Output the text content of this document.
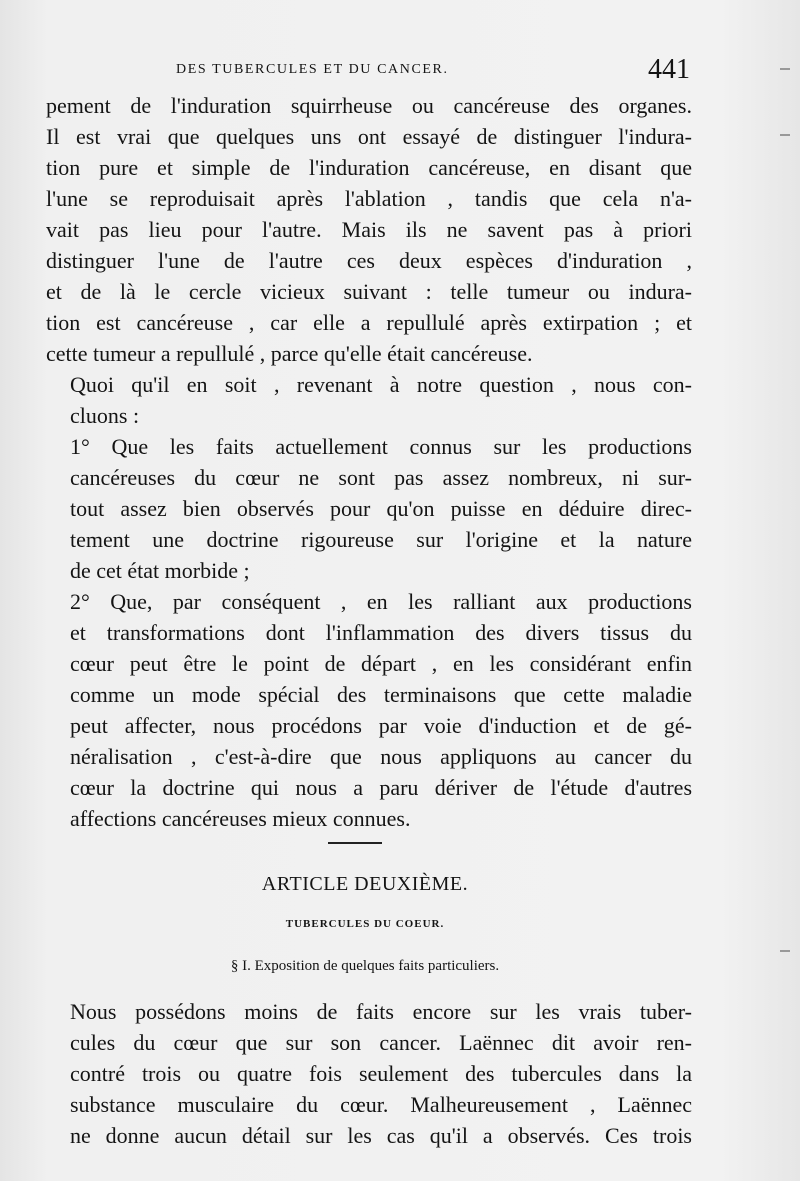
DES TUBERCULES ET DU CANCER.	441

pement de l'induration squirrheuse ou cancéreuse des organes.
Il est vrai que quelques uns ont essayé de distinguer l'indura-
tion pure et simple de l'induration cancéreuse, en disant que
l'une se reproduisait après l'ablation , tandis que cela n'a-
vait pas lieu pour l'autre. Mais ils ne savent pas à priori
distinguer l'une de l'autre ces deux espèces d'induration ,
et de là le cercle vicieux suivant : telle tumeur ou indura-
tion est cancéreuse , car elle a repullulé après extirpation ; et
cette tumeur a repullulé , parce qu'elle était cancéreuse.

Quoi qu'il en soit , revenant à notre question , nous con-
cluons :

1° Que les faits actuellement connus sur les productions
cancéreuses du cœur ne sont pas assez nombreux, ni sur-
tout assez bien observés pour qu'on puisse en déduire direc-
tement une doctrine rigoureuse sur l'origine et la nature
de cet état morbide ;

2° Que, par conséquent , en les ralliant aux productions
et transformations dont l'inflammation des divers tissus du
cœur peut être le point de départ , en les considérant enfin
comme un mode spécial des terminaisons que cette maladie
peut affecter, nous procédons par voie d'induction et de gé-
néralisation , c'est-à-dire que nous appliquons au cancer du
cœur la doctrine qui nous a paru dériver de l'étude d'autres
affections cancéreuses mieux connues.

ARTICLE DEUXIÈME.
TUBERCULES DU COEUR.
§ I. Exposition de quelques faits particuliers.

Nous possédons moins de faits encore sur les vrais tuber-
cules du cœur que sur son cancer. Laënnec dit avoir ren-
contré trois ou quatre fois seulement des tubercules dans la
substance musculaire du cœur. Malheureusement , Laënnec
ne donne aucun détail sur les cas qu'il a observés. Ces trois
